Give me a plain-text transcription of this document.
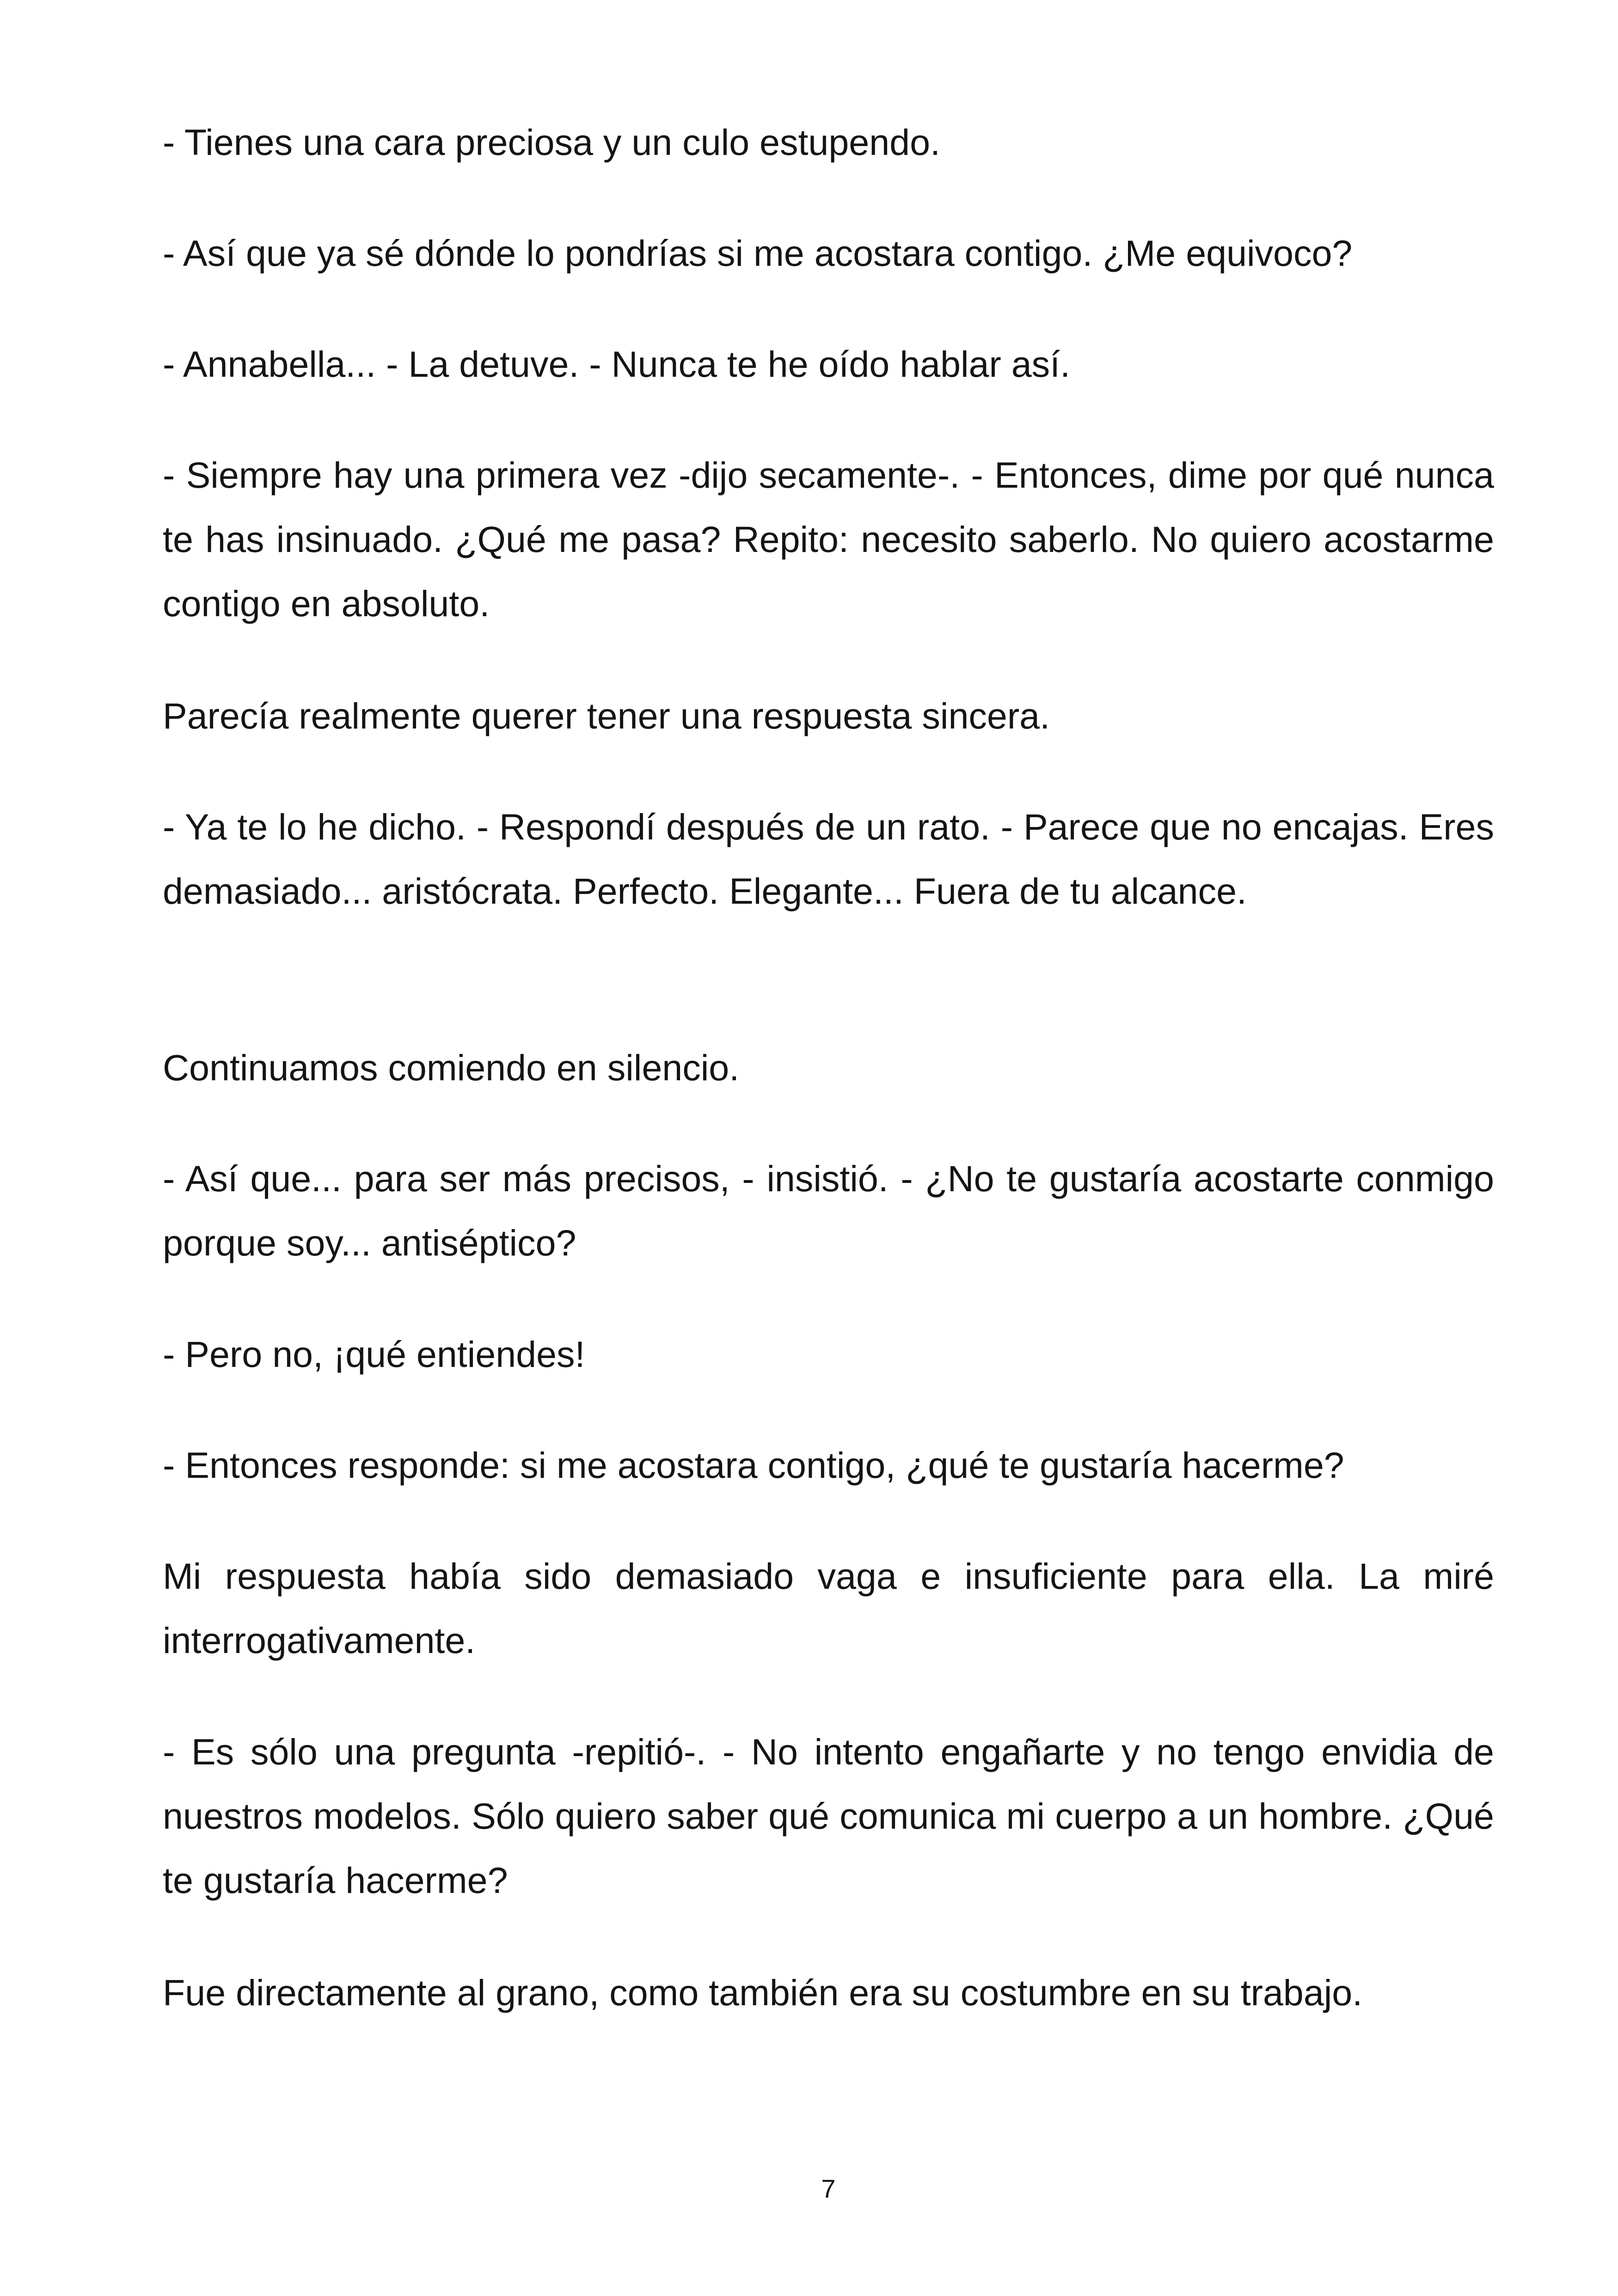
- Tienes una cara preciosa y un culo estupendo.

- Así que ya sé dónde lo pondrías si me acostara contigo. ¿Me equivoco?

- Annabella... - La detuve. - Nunca te he oído hablar así.

- Siempre hay una primera vez -dijo secamente-. - Entonces, dime por qué nunca te has insinuado. ¿Qué me pasa? Repito: necesito saberlo. No quiero acostarme contigo en absoluto.

Parecía realmente querer tener una respuesta sincera.

- Ya te lo he dicho. - Respondí después de un rato. - Parece que no encajas. Eres demasiado... aristócrata. Perfecto. Elegante... Fuera de tu alcance.

Continuamos comiendo en silencio.

- Así que... para ser más precisos, - insistió. - ¿No te gustaría acostarte conmigo porque soy... antiséptico?

- Pero no, ¡qué entiendes!

- Entonces responde: si me acostara contigo, ¿qué te gustaría hacerme?

Mi respuesta había sido demasiado vaga e insuficiente para ella. La miré interrogativamente.

- Es sólo una pregunta -repitió-. - No intento engañarte y no tengo envidia de nuestros modelos. Sólo quiero saber qué comunica mi cuerpo a un hombre. ¿Qué te gustaría hacerme?

Fue directamente al grano, como también era su costumbre en su trabajo.

7
